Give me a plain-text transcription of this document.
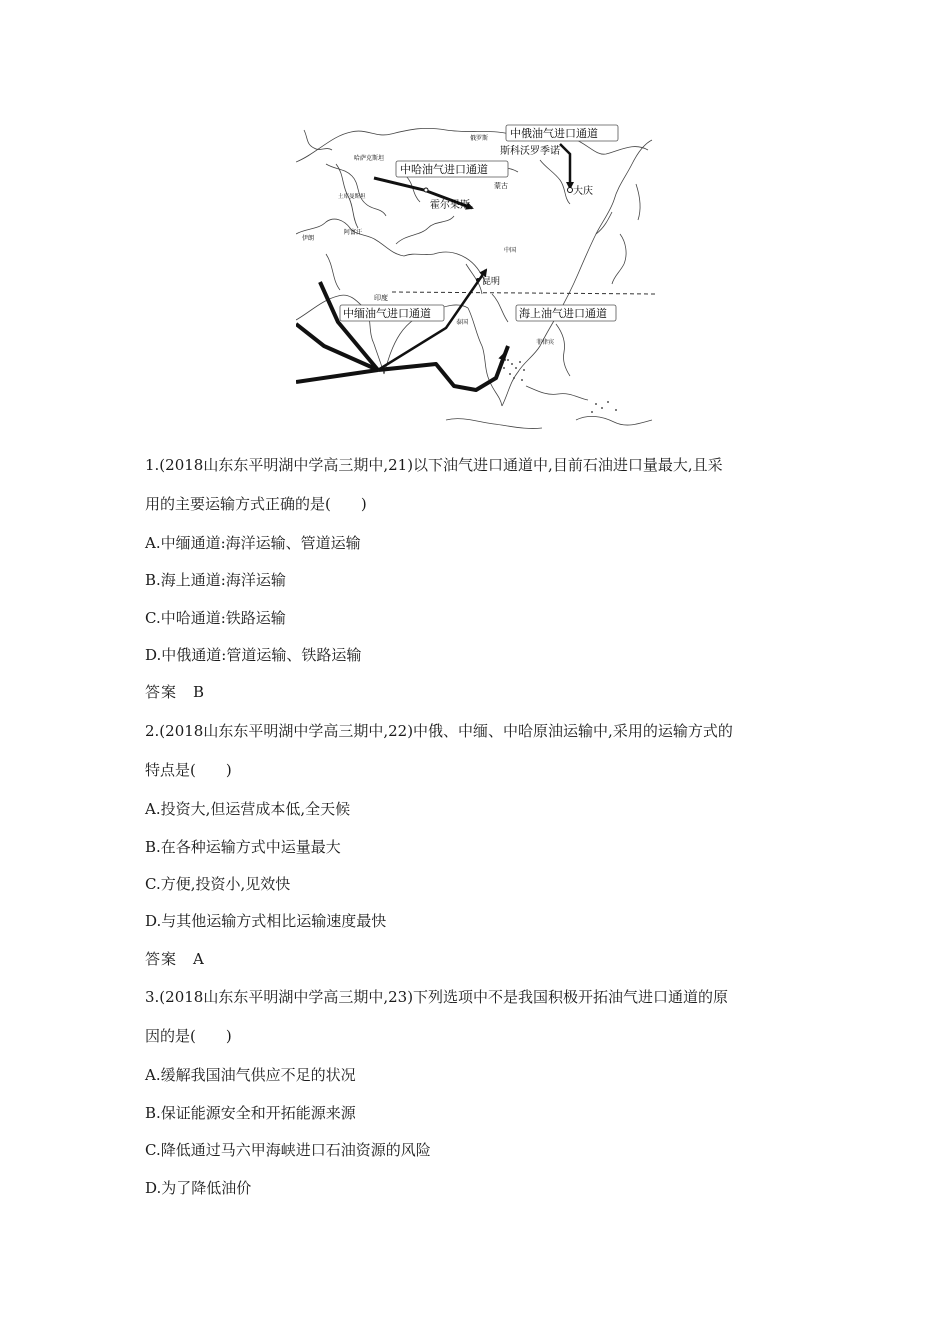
中俄油气进口通道
中哈油气进口通道
中缅油气进口通道	海上油气进口通道
俄罗斯
哈萨克斯坦
土库曼斯坦
阿富汗
伊朗
蒙古
中国
印度
泰国
菲律宾
斯科沃罗季诺
霍尔果斯
大庆
昆明
1.(2018山东东平明湖中学高三期中,21)以下油气进口通道中,目前石油进口量最大,且采
用的主要运输方式正确的是(　　)
A.中缅通道:海洋运输、管道运输
B.海上通道:海洋运输
C.中哈通道:铁路运输
D.中俄通道:管道运输、铁路运输
答案　B
2.(2018山东东平明湖中学高三期中,22)中俄、中缅、中哈原油运输中,采用的运输方式的
特点是(　　)
A.投资大,但运营成本低,全天候
B.在各种运输方式中运量最大
C.方便,投资小,见效快
D.与其他运输方式相比运输速度最快
答案　A
3.(2018山东东平明湖中学高三期中,23)下列选项中不是我国积极开拓油气进口通道的原
因的是(　　)
A.缓解我国油气供应不足的状况
B.保证能源安全和开拓能源来源
C.降低通过马六甲海峡进口石油资源的风险
D.为了降低油价
